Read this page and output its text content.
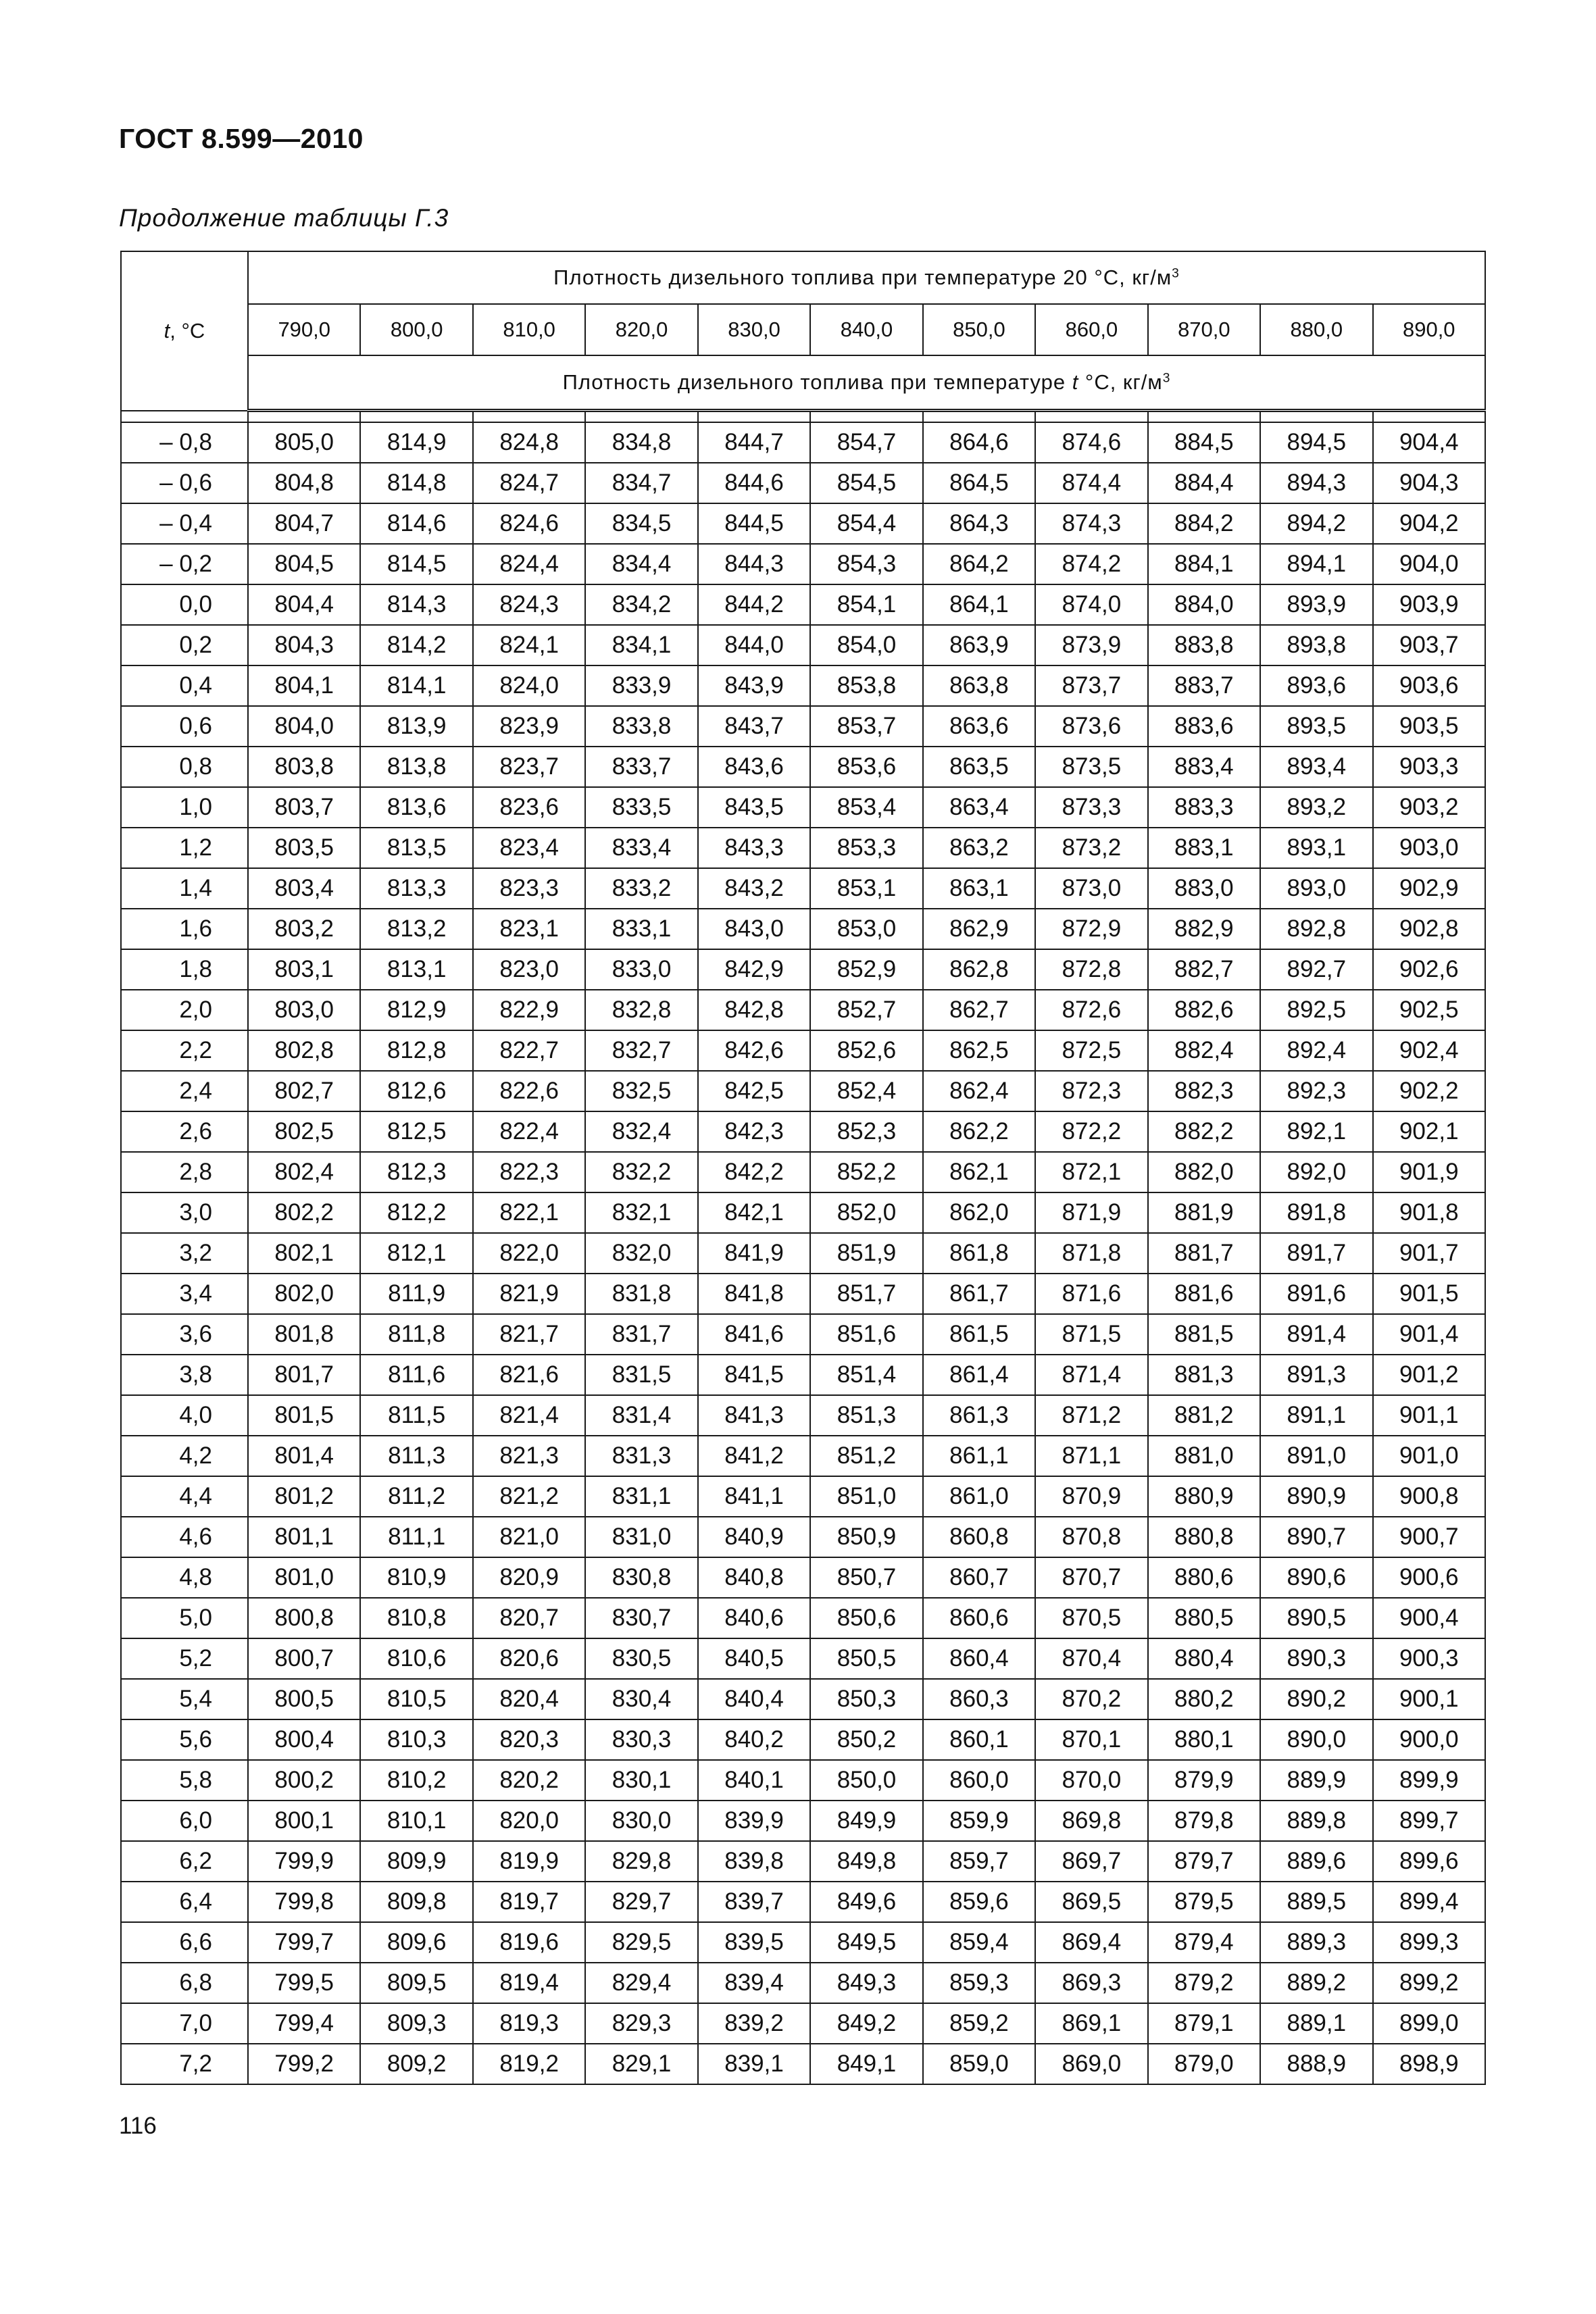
ГОСТ 8.599—2010
Продолжение таблицы Г.3
t, °C	Плотность дизельного топлива при температуре 20 °С, $кг/м^3$
	790,0	800,0	810,0	820,0	830,0	840,0	850,0	860,0	870,0	880,0	890,0
	Плотность дизельного топлива при температуре t °С, $кг/м^3$

– 0,8	805,0	814,9	824,8	834,8	844,7	854,7	864,6	874,6	884,5	894,5	904,4
– 0,6	804,8	814,8	824,7	834,7	844,6	854,5	864,5	874,4	884,4	894,3	904,3
– 0,4	804,7	814,6	824,6	834,5	844,5	854,4	864,3	874,3	884,2	894,2	904,2
– 0,2	804,5	814,5	824,4	834,4	844,3	854,3	864,2	874,2	884,1	894,1	904,0
0,0	804,4	814,3	824,3	834,2	844,2	854,1	864,1	874,0	884,0	893,9	903,9
0,2	804,3	814,2	824,1	834,1	844,0	854,0	863,9	873,9	883,8	893,8	903,7
0,4	804,1	814,1	824,0	833,9	843,9	853,8	863,8	873,7	883,7	893,6	903,6
0,6	804,0	813,9	823,9	833,8	843,7	853,7	863,6	873,6	883,6	893,5	903,5
0,8	803,8	813,8	823,7	833,7	843,6	853,6	863,5	873,5	883,4	893,4	903,3
1,0	803,7	813,6	823,6	833,5	843,5	853,4	863,4	873,3	883,3	893,2	903,2
1,2	803,5	813,5	823,4	833,4	843,3	853,3	863,2	873,2	883,1	893,1	903,0
1,4	803,4	813,3	823,3	833,2	843,2	853,1	863,1	873,0	883,0	893,0	902,9
1,6	803,2	813,2	823,1	833,1	843,0	853,0	862,9	872,9	882,9	892,8	902,8
1,8	803,1	813,1	823,0	833,0	842,9	852,9	862,8	872,8	882,7	892,7	902,6
2,0	803,0	812,9	822,9	832,8	842,8	852,7	862,7	872,6	882,6	892,5	902,5
2,2	802,8	812,8	822,7	832,7	842,6	852,6	862,5	872,5	882,4	892,4	902,4
2,4	802,7	812,6	822,6	832,5	842,5	852,4	862,4	872,3	882,3	892,3	902,2
2,6	802,5	812,5	822,4	832,4	842,3	852,3	862,2	872,2	882,2	892,1	902,1
2,8	802,4	812,3	822,3	832,2	842,2	852,2	862,1	872,1	882,0	892,0	901,9
3,0	802,2	812,2	822,1	832,1	842,1	852,0	862,0	871,9	881,9	891,8	901,8
3,2	802,1	812,1	822,0	832,0	841,9	851,9	861,8	871,8	881,7	891,7	901,7
3,4	802,0	811,9	821,9	831,8	841,8	851,7	861,7	871,6	881,6	891,6	901,5
3,6	801,8	811,8	821,7	831,7	841,6	851,6	861,5	871,5	881,5	891,4	901,4
3,8	801,7	811,6	821,6	831,5	841,5	851,4	861,4	871,4	881,3	891,3	901,2
4,0	801,5	811,5	821,4	831,4	841,3	851,3	861,3	871,2	881,2	891,1	901,1
4,2	801,4	811,3	821,3	831,3	841,2	851,2	861,1	871,1	881,0	891,0	901,0
4,4	801,2	811,2	821,2	831,1	841,1	851,0	861,0	870,9	880,9	890,9	900,8
4,6	801,1	811,1	821,0	831,0	840,9	850,9	860,8	870,8	880,8	890,7	900,7
4,8	801,0	810,9	820,9	830,8	840,8	850,7	860,7	870,7	880,6	890,6	900,6
5,0	800,8	810,8	820,7	830,7	840,6	850,6	860,6	870,5	880,5	890,5	900,4
5,2	800,7	810,6	820,6	830,5	840,5	850,5	860,4	870,4	880,4	890,3	900,3
5,4	800,5	810,5	820,4	830,4	840,4	850,3	860,3	870,2	880,2	890,2	900,1
5,6	800,4	810,3	820,3	830,3	840,2	850,2	860,1	870,1	880,1	890,0	900,0
5,8	800,2	810,2	820,2	830,1	840,1	850,0	860,0	870,0	879,9	889,9	899,9
6,0	800,1	810,1	820,0	830,0	839,9	849,9	859,9	869,8	879,8	889,8	899,7
6,2	799,9	809,9	819,9	829,8	839,8	849,8	859,7	869,7	879,7	889,6	899,6
6,4	799,8	809,8	819,7	829,7	839,7	849,6	859,6	869,5	879,5	889,5	899,4
6,6	799,7	809,6	819,6	829,5	839,5	849,5	859,4	869,4	879,4	889,3	899,3
6,8	799,5	809,5	819,4	829,4	839,4	849,3	859,3	869,3	879,2	889,2	899,2
7,0	799,4	809,3	819,3	829,3	839,2	849,2	859,2	869,1	879,1	889,1	899,0
7,2	799,2	809,2	819,2	829,1	839,1	849,1	859,0	869,0	879,0	888,9	898,9
116
